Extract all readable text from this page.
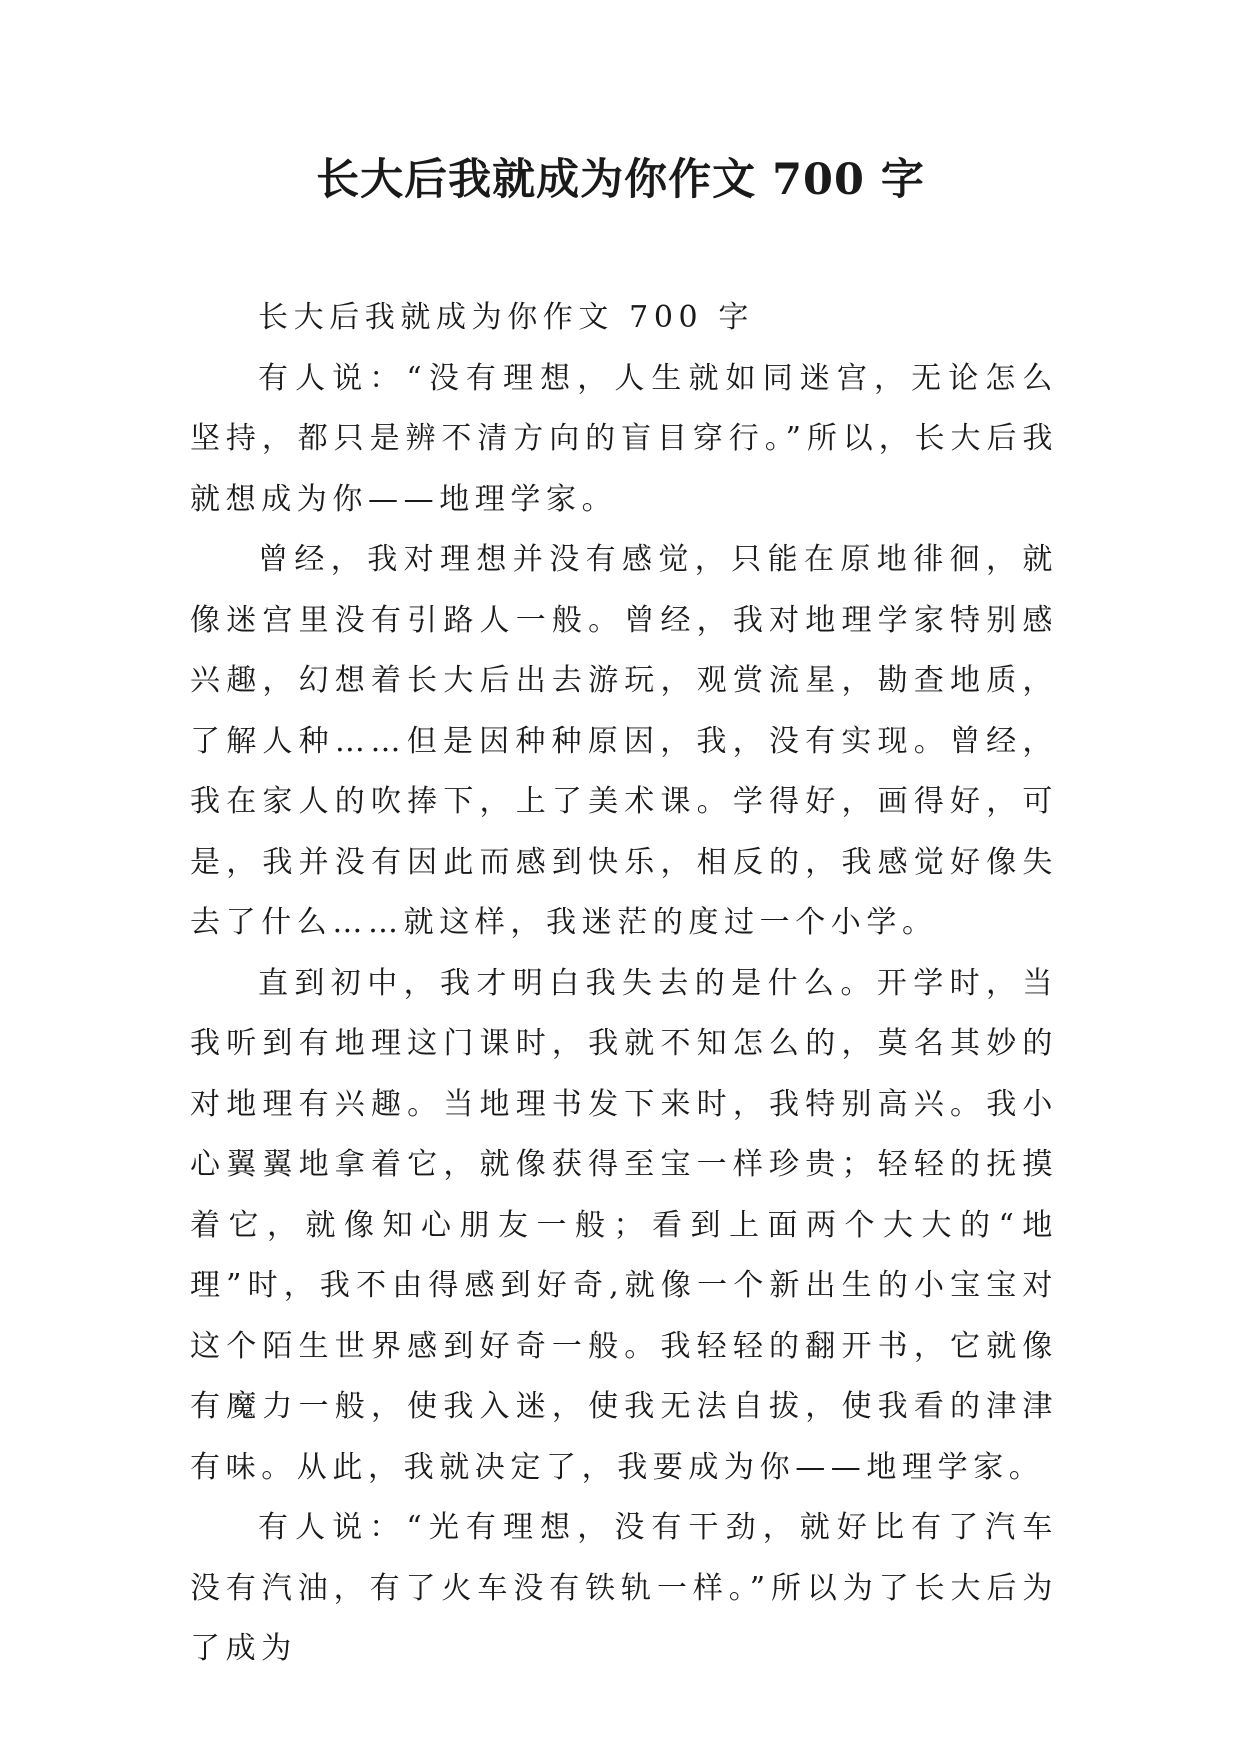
长大后我就成为你作文 700 字

长大后我就成为你作文 700 字

有人说：“没有理想，人生就如同迷宫，无论怎么坚持，都只是辨不清方向的盲目穿行。”所以，长大后我就想成为你——地理学家。

曾经，我对理想并没有感觉，只能在原地徘徊，就像迷宫里没有引路人一般。曾经，我对地理学家特别感兴趣，幻想着长大后出去游玩，观赏流星，勘查地质，了解人种……但是因种种原因，我，没有实现。曾经，我在家人的吹捧下，上了美术课。学得好，画得好，可是，我并没有因此而感到快乐，相反的，我感觉好像失去了什么……就这样，我迷茫的度过一个小学。

直到初中，我才明白我失去的是什么。开学时，当我听到有地理这门课时，我就不知怎么的，莫名其妙的对地理有兴趣。当地理书发下来时，我特别高兴。我小心翼翼地拿着它，就像获得至宝一样珍贵；轻轻的抚摸着它，就像知心朋友一般；看到上面两个大大的“地理”时，我不由得感到好奇,就像一个新出生的小宝宝对这个陌生世界感到好奇一般。我轻轻的翻开书，它就像有魔力一般，使我入迷，使我无法自拔，使我看的津津有味。从此，我就决定了，我要成为你——地理学家。

有人说：“光有理想，没有干劲，就好比有了汽车没有汽油，有了火车没有铁轨一样。”所以为了长大后为了成为
